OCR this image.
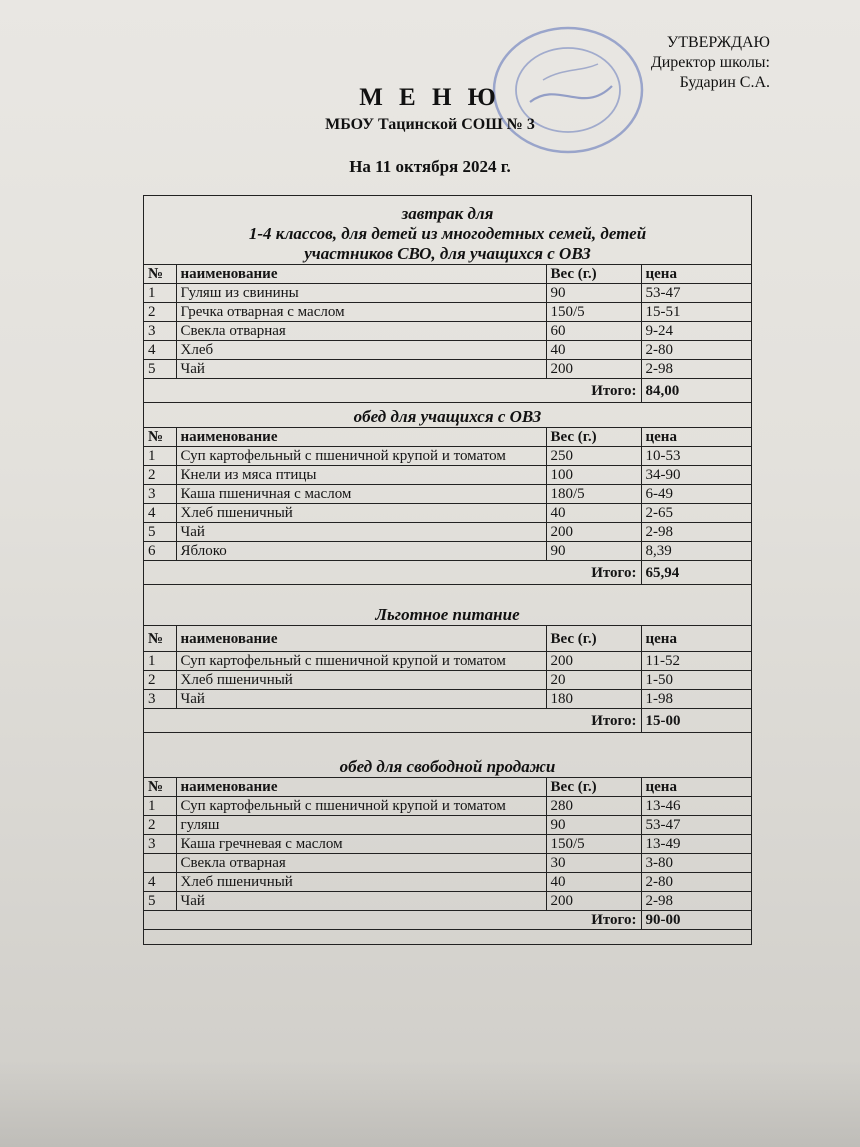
УТВЕРЖДАЮ
Директор школы:
Бударин С.А.
М Е Н Ю
МБОУ Тацинской СОШ № 3
На 11 октября 2024 г.
завтрак для
1-4 классов, для детей из многодетных семей, детей
участников СВО, для учащихся с ОВЗ
№	наименование	Вес (г.)	цена
1	Гуляш из свинины	90	53-47
2	Гречка отварная с маслом	150/5	15-51
3	Свекла отварная	60	9-24
4	Хлеб	40	2-80
5	Чай	200	2-98
Итого:			84,00
обед для учащихся с ОВЗ
№	наименование	Вес (г.)	цена
1	Суп картофельный с пшеничной крупой и томатом	250	10-53
2	Кнели из мяса птицы	100	34-90
3	Каша пшеничная с маслом	180/5	6-49
4	Хлеб пшеничный	40	2-65
5	Чай	200	2-98
6	Яблоко	90	8,39
Итого:			65,94
Льготное питание
№	наименование	Вес (г.)	цена
1	Суп картофельный с пшеничной крупой и томатом	200	11-52
2	Хлеб пшеничный	20	1-50
3	Чай	180	1-98
Итого:			15-00
обед для свободной продажи
№	наименование	Вес (г.)	цена
1	Суп картофельный с пшеничной крупой и томатом	280	13-46
2	гуляш	90	53-47
3	Каша гречневая с маслом	150/5	13-49
	Свекла отварная	30	3-80
4	Хлеб пшеничный	40	2-80
5	Чай	200	2-98
Итого:			90-00
